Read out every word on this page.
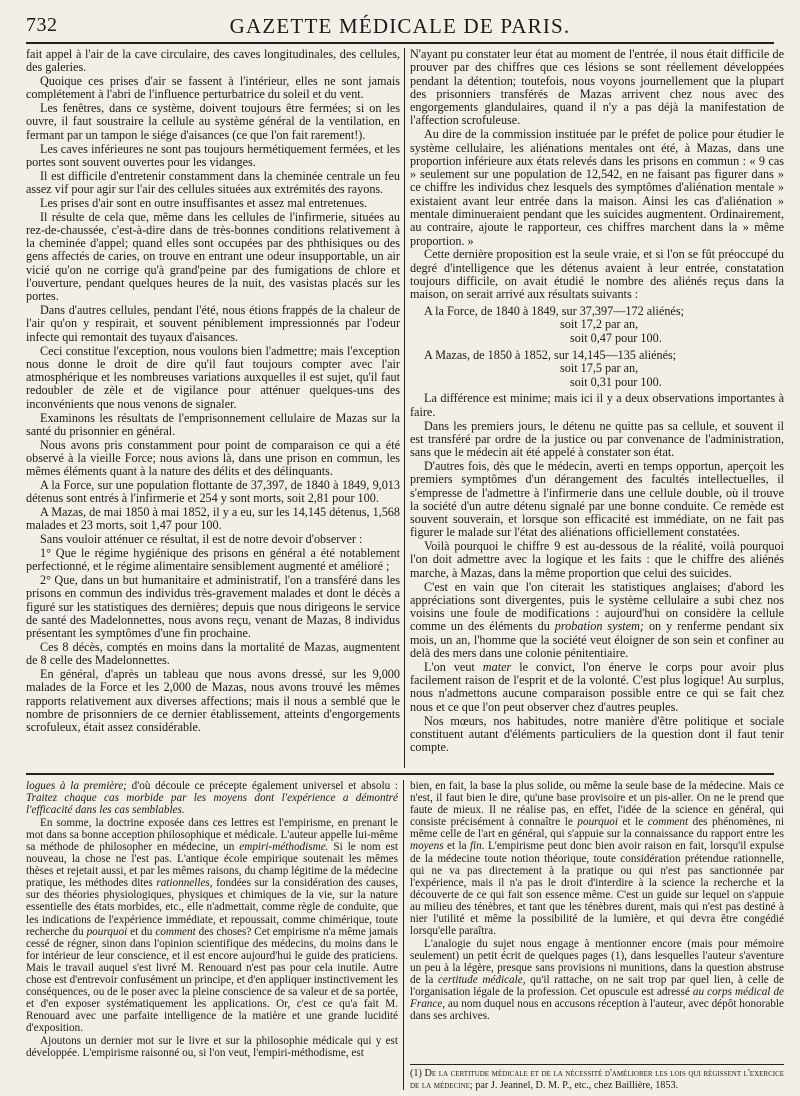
732	GAZETTE MÉDICALE DE PARIS.

fait appel à l'air de la cave circulaire, des caves longitudinales, des cellules, des galeries.

Quoique ces prises d'air se fassent à l'intérieur, elles ne sont jamais complétement à l'abri de l'influence perturbatrice du soleil et du vent.

Les fenêtres, dans ce système, doivent toujours être fermées; si on les ouvre, il faut soustraire la cellule au système général de la ventilation, en fermant par un tampon le siége d'aisances (ce que l'on fait rarement!).

Les caves inférieures ne sont pas toujours hermétiquement fermées, et les portes sont souvent ouvertes pour les vidanges.

Il est difficile d'entretenir constamment dans la cheminée centrale un feu assez vif pour agir sur l'air des cellules situées aux extrémités des rayons.

Les prises d'air sont en outre insuffisantes et assez mal entretenues.

Il résulte de cela que, même dans les cellules de l'infirmerie, situées au rez-de-chaussée, c'est-à-dire dans de très-bonnes conditions relativement à la cheminée d'appel; quand elles sont occupées par des phthisiques ou des gens affectés de caries, on trouve en entrant une odeur insupportable, un air vicié qu'on ne corrige qu'à grand'peine par des fumigations de chlore et l'ouverture, pendant quelques heures de la nuit, des vasistas placés sur les portes.

Dans d'autres cellules, pendant l'été, nous étions frappés de la chaleur de l'air qu'on y respirait, et souvent péniblement impressionnés par l'odeur infecte qui remontait des tuyaux d'aisances.

Ceci constitue l'exception, nous voulons bien l'admettre; mais l'exception nous donne le droit de dire qu'il faut toujours compter avec l'air atmosphérique et les nombreuses variations auxquelles il est sujet, qu'il faut redoubler de zèle et de vigilance pour atténuer quelques-uns des inconvénients que nous venons de signaler.

Examinons les résultats de l'emprisonnement cellulaire de Mazas sur la santé du prisonnier en général.

Nous avons pris constamment pour point de comparaison ce qui a été observé à la vieille Force; nous avions là, dans une prison en commun, les mêmes éléments quant à la nature des délits et des délinquants.

A la Force, sur une population flottante de 37,397, de 1840 à 1849, 9,013 détenus sont entrés à l'infirmerie et 254 y sont morts, soit 2,81 pour 100.

A Mazas, de mai 1850 à mai 1852, il y a eu, sur les 14,145 détenus, 1,568 malades et 23 morts, soit 1,47 pour 100.

Sans vouloir atténuer ce résultat, il est de notre devoir d'observer :

1° Que le régime hygiénique des prisons en général a été notablement perfectionné, et le régime alimentaire sensiblement augmenté et amélioré ;

2° Que, dans un but humanitaire et administratif, l'on a transféré dans les prisons en commun des individus très-gravement malades et dont le décès a figuré sur les statistiques des dernières; depuis que nous dirigeons le service de santé des Madelonnettes, nous avons reçu, venant de Mazas, 8 individus présentant les symptômes d'une fin prochaine.

Ces 8 décès, comptés en moins dans la mortalité de Mazas, augmentent de 8 celle des Madelonnettes.

En général, d'après un tableau que nous avons dressé, sur les 9,000 malades de la Force et les 2,000 de Mazas, nous avons trouvé les mêmes rapports relativement aux diverses affections; mais il nous a semblé que le nombre de prisonniers de ce dernier établissement, atteints d'engorgements scrofuleux, était assez considérable.

N'ayant pu constater leur état au moment de l'entrée, il nous était difficile de prouver par des chiffres que ces lésions se sont réellement développées pendant la détention; toutefois, nous voyons journellement que la plupart des prisonniers transférés de Mazas arrivent chez nous avec des engorgements glandulaires, quand il n'y a pas déjà la manifestation de l'affection scrofuleuse.

Au dire de la commission instituée par le préfet de police pour étudier le système cellulaire, les aliénations mentales ont été, à Mazas, dans une proportion inférieure aux états relevés dans les prisons en commun : « 9 cas » seulement sur une population de 12,542, en ne faisant pas figurer dans » ce chiffre les individus chez lesquels des symptômes d'aliénation mentale » existaient avant leur entrée dans la maison. Ainsi les cas d'aliénation » mentale diminueraient pendant que les suicides augmentent. Ordinairement, au contraire, ajoute le rapporteur, ces chiffres marchent dans la » même proportion. »

Cette dernière proposition est la seule vraie, et si l'on se fût préoccupé du degré d'intelligence que les détenus avaient à leur entrée, constatation toujours difficile, on avait étudié le nombre des aliénés reçus dans la maison, on serait arrivé aux résultats suivants :

A la Force, de 1840 à 1849, sur 37,397—172 aliénés;

soit 17,2 par an,

soit 0,47 pour 100.

A Mazas, de 1850 à 1852, sur 14,145—135 aliénés;

soit 17,5 par an,

soit 0,31 pour 100.

La différence est minime; mais ici il y a deux observations importantes à faire.

Dans les premiers jours, le détenu ne quitte pas sa cellule, et souvent il est transféré par ordre de la justice ou par convenance de l'administration, sans que le médecin ait été appelé à constater son état.

D'autres fois, dès que le médecin, averti en temps opportun, aperçoit les premiers symptômes d'un dérangement des facultés intellectuelles, il s'empresse de l'admettre à l'infirmerie dans une cellule double, où il trouve la société d'un autre détenu signalé par une bonne conduite. Ce remède est souvent souverain, et lorsque son efficacité est immédiate, on ne fait pas figurer le malade sur l'état des aliénations officiellement constatées.

Voilà pourquoi le chiffre 9 est au-dessous de la réalité, voilà pourquoi l'on doit admettre avec la logique et les faits : que le chiffre des aliénés marche, à Mazas, dans la même proportion que celui des suicides.

C'est en vain que l'on citerait les statistiques anglaises; d'abord les appréciations sont divergentes, puis le système cellulaire a subi chez nos voisins une foule de modifications : aujourd'hui on considère la cellule comme un des éléments du probation system; on y renferme pendant six mois, un an, l'homme que la société veut éloigner de son sein et confiner au delà des mers dans une colonie pénitentiaire.

L'on veut mater le convict, l'on énerve le corps pour avoir plus facilement raison de l'esprit et de la volonté. C'est plus logique! Au surplus, nous n'admettons aucune comparaison possible entre ce qui se fait chez nous et ce que l'on peut observer chez d'autres peuples.

Nos mœurs, nos habitudes, notre manière d'être politique et sociale constituent autant d'éléments particuliers de la question dont il faut tenir compte.

logues à la première; d'où découle ce précepte également universel et absolu : Traitez chaque cas morbide par les moyens dont l'expérience a démontré l'efficacité dans les cas semblables.

En somme, la doctrine exposée dans ces lettres est l'empirisme, en prenant le mot dans sa bonne acception philosophique et médicale. L'auteur appelle lui-même sa méthode de philosopher en médecine, un empiri-méthodisme. Si le nom est nouveau, la chose ne l'est pas. L'antique école empirique soutenait les mêmes thèses et rejetait aussi, et par les mêmes raisons, du champ légitime de la médecine pratique, les méthodes dites rationnelles, fondées sur la considération des causes, sur des théories physiologiques, physiques et chimiques de la vie, sur la nature essentielle des états morbides, etc., elle n'admettait, comme règle de conduite, que les indications de l'expérience immédiate, et repoussait, comme chimérique, toute recherche du pourquoi et du comment des choses? Cet empirisme n'a même jamais cessé de régner, sinon dans l'opinion scientifique des médecins, du moins dans le for intérieur de leur conscience, et il est encore aujourd'hui le guide des praticiens. Mais le travail auquel s'est livré M. Renouard n'est pas pour cela inutile. Autre chose est d'entrevoir confusément un principe, et d'en appliquer instinctivement les conséquences, ou de le poser avec la pleine conscience de sa valeur et de sa portée, et d'en exposer systématiquement les applications. Or, c'est ce qu'a fait M. Renouard avec une parfaite intelligence de la matière et une grande lucidité d'exposition.

Ajoutons un dernier mot sur le livre et sur la philosophie médicale qui y est développée. L'empirisme raisonné ou, si l'on veut, l'empiri-méthodisme, est

bien, en fait, la base la plus solide, ou même la seule base de la médecine. Mais ce n'est, il faut bien le dire, qu'une base provisoire et un pis-aller. On ne le prend que faute de mieux. Il ne réalise pas, en effet, l'idée de la science en général, qui consiste précisément à connaître le pourquoi et le comment des phénomènes, ni même celle de l'art en général, qui s'appuie sur la connaissance du rapport entre les moyens et la fin. L'empirisme peut donc bien avoir raison en fait, lorsqu'il expulse de la médecine toute notion théorique, toute considération prétendue rationnelle, qui ne va pas directement à la pratique ou qui n'est pas sanctionnée par l'expérience, mais il n'a pas le droit d'interdire à la science la recherche et la découverte de ce qui fait son essence même. C'est un guide sur lequel on s'appuie au milieu des ténèbres, et tant que les ténèbres durent, mais qui n'est pas destiné à nier l'utilité et même la possibilité de la lumière, et qui devra être congédié lorsqu'elle paraîtra.

L'analogie du sujet nous engage à mentionner encore (mais pour mémoire seulement) un petit écrit de quelques pages (1), dans lesquelles l'auteur s'aventure un peu à la légère, presque sans provisions ni munitions, dans la question abstruse de la certitude médicale, qu'il rattache, on ne sait trop par quel lien, à celle de l'organisation légale de la profession. Cet opuscule est adressé au corps médical de France, au nom duquel nous en accusons réception à l'auteur, avec dépôt honorable dans ses archives.

(1) De la certitude médicale et de la nécessité d'améliorer les lois qui régissent l'exercice de la médecine; par J. Jeannel, D. M. P., etc., chez Baillière, 1853.
